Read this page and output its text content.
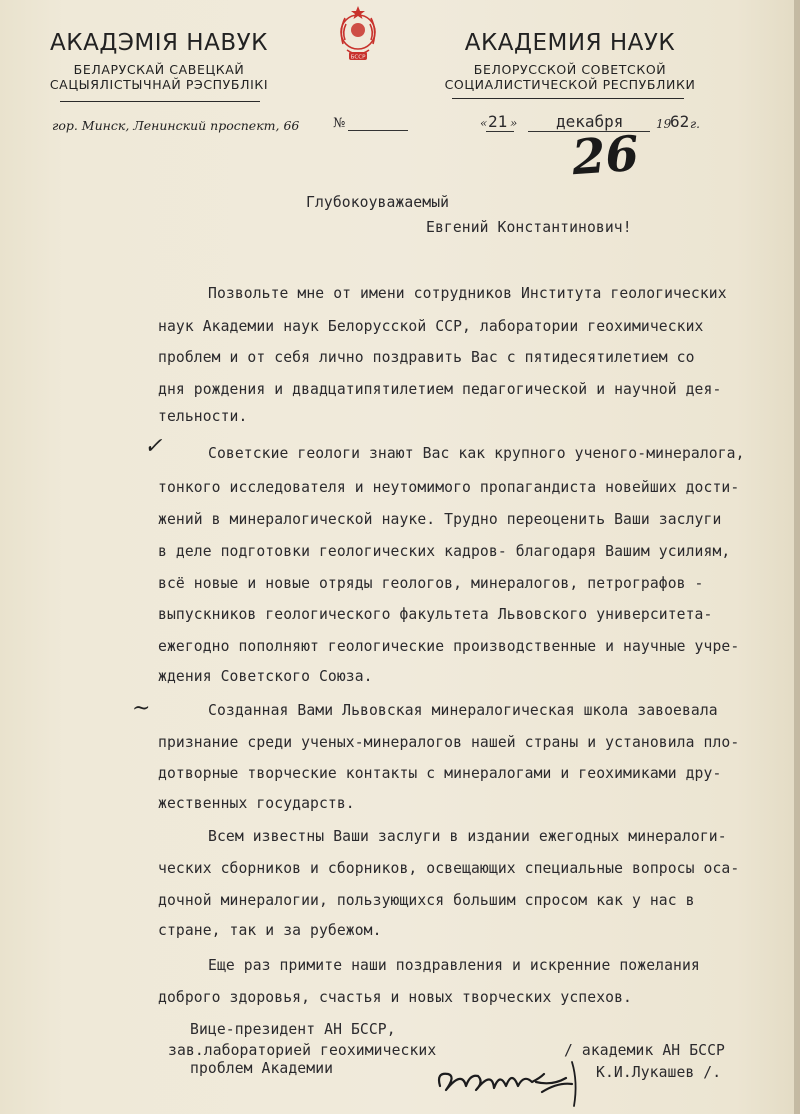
АКАДЭМІЯ НАВУК
БЕЛАРУСКАЙ САВЕЦКАЙ
САЦЫЯЛІСТЫЧНАЙ РЭСПУБЛІКІ
БССР
АКАДЕМИЯ НАУК
БЕЛОРУССКОЙ СОВЕТСКОЙ
СОЦИАЛИСТИЧЕСКОЙ РЕСПУБЛИКИ
гор. Минск, Ленинский проспект, 66	№	« 21 » декабря	19
62 г.
26
Глубокоуважаемый
Евгений Константинович!
Позвольте мне от имени сотрудников Института геологических
наук Академии наук Белорусской ССР, лаборатории геохимических
проблем и от себя лично поздравить Вас с пятидесятилетием со
дня рождения и двадцатипятилетием педагогической и научной дея-
тельности.
✓	Советские геологи знают Вас как крупного ученого-минералога,
тонкого исследователя и неутомимого пропагандиста новейших дости-
жений в минералогической науке. Трудно переоценить Ваши заслуги
в деле подготовки геологических кадров- благодаря Вашим усилиям,
всё новые и новые отряды геологов, минералогов, петрографов -
выпускников геологического факультета Львовского университета-
ежегодно пополняют геологические производственные и научные учре-
ждения Советского Союза.
~	Созданная Вами Львовская минералогическая школа завоевала
признание среди ученых-минералогов нашей страны и установила пло-
дотворные творческие контакты с минералогами и геохимиками дру-
жественных государств.
Всем известны Ваши заслуги в издании ежегодных минералоги-
ческих сборников и сборников, освещающих специальные вопросы оса-
дочной минералогии, пользующихся большим спросом как у нас в
стране, так и за рубежом.
Еще раз примите наши поздравления и искренние пожелания
доброго здоровья, счастья и новых творческих успехов.
Вице-президент АН БССР,
зав.лабораторией геохимических
проблем Академии
/ академик АН БССР
К.И.Лукашев /.
